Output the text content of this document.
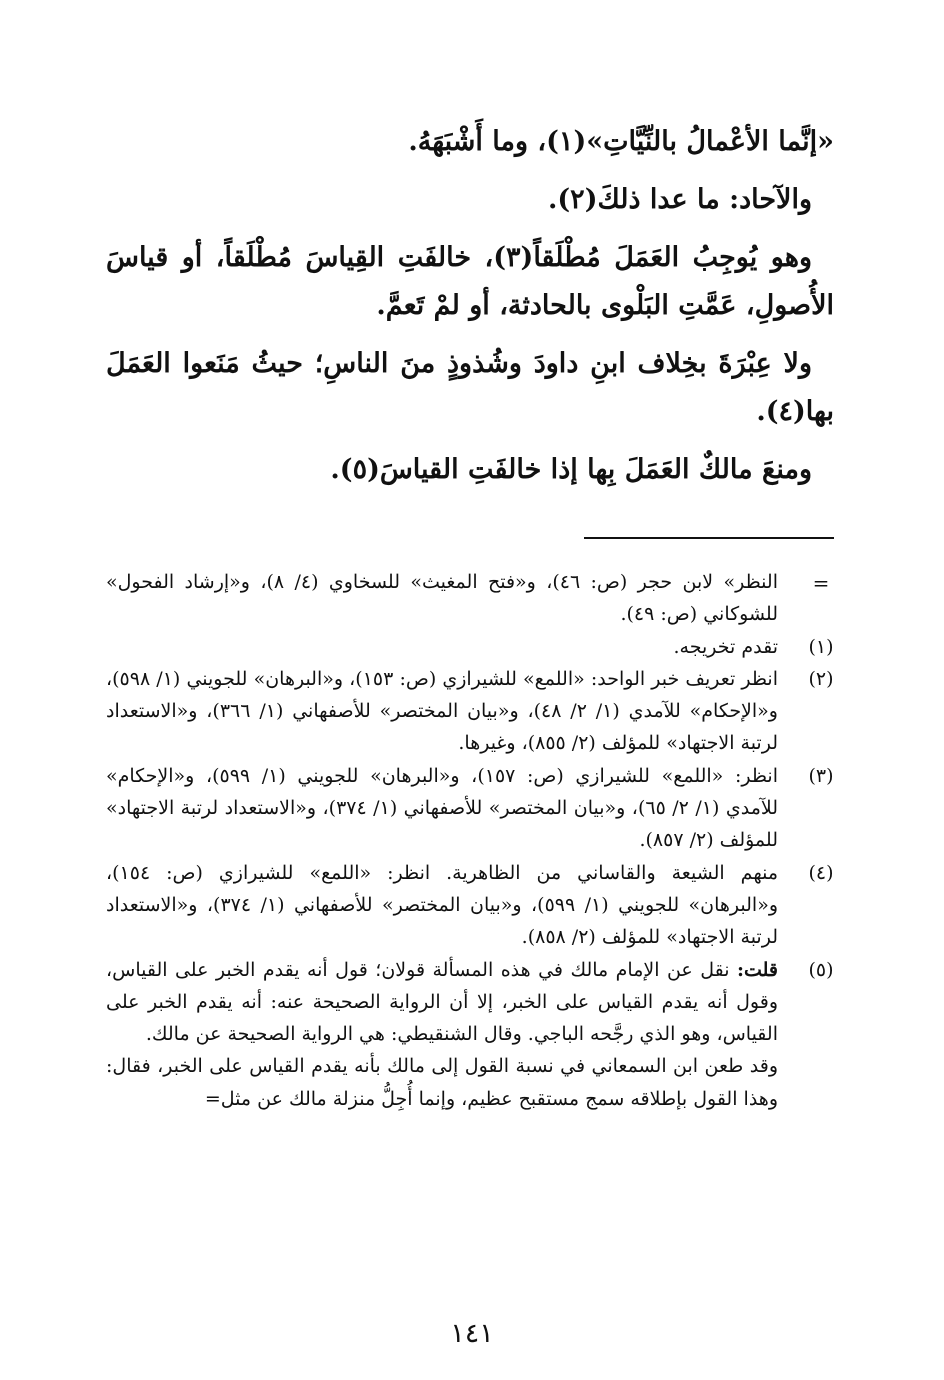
«إنَّما الأعْمالُ بالنِّيَّاتِ»(١)، وما أَشْبَهَهُ.

والآحاد: ما عدا ذلكَ(٢).

وهو يُوجِبُ العَمَلَ مُطْلَقاً(٣)، خالفَتِ القِياسَ مُطْلَقاً، أو قياسَ الأُصولِ، عَمَّتِ البَلْوى بالحادثة، أو لمْ تَعمَّ.

ولا عِبْرَةَ بخِلاف ابنِ داودَ وشُذوذٍ منَ الناسِ؛ حيثُ مَنَعوا العَمَلَ بها(٤).

ومنعَ مالكٌ العَمَلَ بِها إذا خالفَتِ القياسَ(٥).

=
النظر» لابن حجر (ص: ٤٦)، و«فتح المغيث» للسخاوي (٤/ ٨)، و«إرشاد الفحول» للشوكاني (ص: ٤٩).
(١)
تقدم تخريجه.
(٢)
انظر تعريف خبر الواحد: «اللمع» للشيرازي (ص: ١٥٣)، و«البرهان» للجويني (١/ ٥٩٨)، و«الإحكام» للآمدي (١/ ٢/ ٤٨)، و«بيان المختصر» للأصفهاني (١/ ٣٦٦)، و«الاستعداد لرتبة الاجتهاد» للمؤلف (٢/ ٨٥٥)، وغيرها.
(٣)
انظر: «اللمع» للشيرازي (ص: ١٥٧)، و«البرهان» للجويني (١/ ٥٩٩)، و«الإحكام» للآمدي (١/ ٢/ ٦٥)، و«بيان المختصر» للأصفهاني (١/ ٣٧٤)، و«الاستعداد لرتبة الاجتهاد» للمؤلف (٢/ ٨٥٧).
(٤)
منهم الشيعة والقاساني من الظاهرية. انظر: «اللمع» للشيرازي (ص: ١٥٤)، و«البرهان» للجويني (١/ ٥٩٩)، و«بيان المختصر» للأصفهاني (١/ ٣٧٤)، و«الاستعداد لرتبة الاجتهاد» للمؤلف (٢/ ٨٥٨).
(٥)
قلت: نقل عن الإمام مالك في هذه المسألة قولان؛ قول أنه يقدم الخبر على القياس، وقول أنه يقدم القياس على الخبر، إلا أن الرواية الصحيحة عنه: أنه يقدم الخبر على القياس، وهو الذي رجَّحه الباجي. وقال الشنقيطي: هي الرواية الصحيحة عن مالك.
وقد طعن ابن السمعاني في نسبة القول إلى مالك بأنه يقدم القياس على الخبر، فقال: وهذا القول بإطلاقه سمج مستقبح عظيم، وإنما أُجِلُّ منزلة مالك عن مثل=
١٤١
